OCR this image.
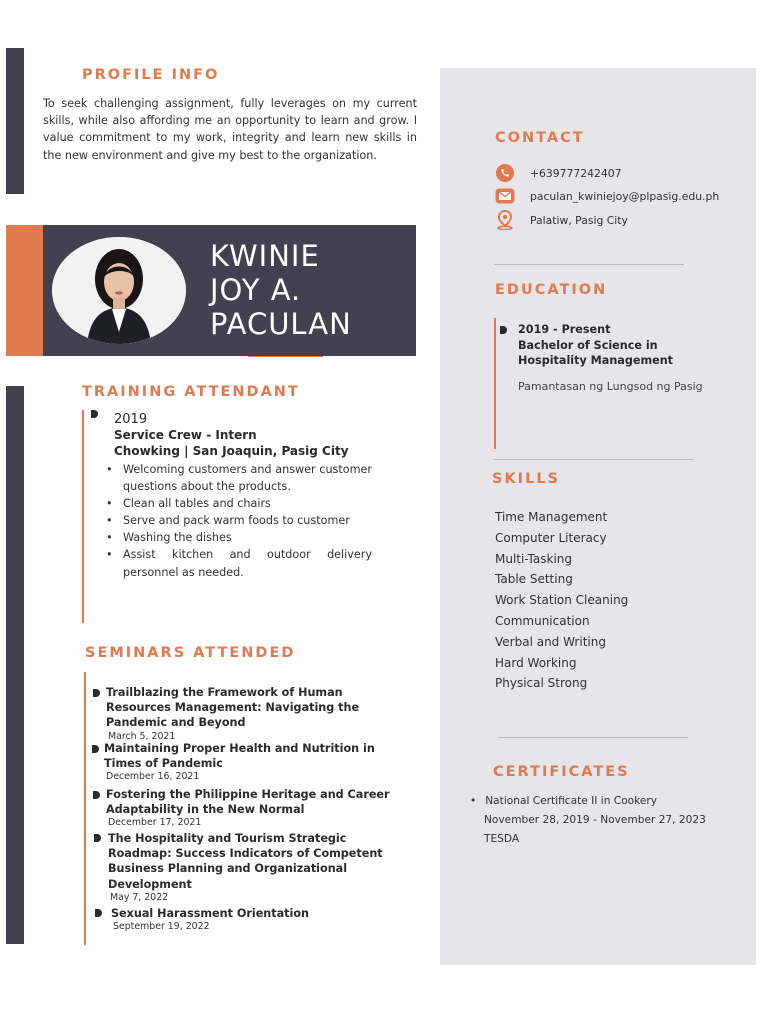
PROFILE INFO
To seek challenging assignment, fully leverages on my current skills, while also affording me an opportunity to learn and grow. I value commitment to my work, integrity and learn new skills in the new environment and give my best to the organization.
KWINIE
JOY A.
PACULAN
TRAINING ATTENDANT
2019
Service Crew - Intern
Chowking | San Joaquin, Pasig City
• Welcoming customers and answer customer questions about the products.
• Clean all tables and chairs
• Serve and pack warm foods to customer
• Washing the dishes
• Assist kitchen and outdoor delivery personnel as needed.
SEMINARS ATTENDED
Trailblazing the Framework of Human Resources Management: Navigating the Pandemic and Beyond
March 5, 2021
Maintaining Proper Health and Nutrition in Times of Pandemic
December 16, 2021
Fostering the Philippine Heritage and Career Adaptability in the New Normal
December 17, 2021
The Hospitality and Tourism Strategic Roadmap: Success Indicators of Competent Business Planning and Organizational Development
May 7, 2022
Sexual Harassment Orientation
September 19, 2022
CONTACT
+639777242407
paculan_kwiniejoy@plpasig.edu.ph
Palatiw, Pasig City
EDUCATION
2019 - Present
Bachelor of Science in Hospitality Management
Pamantasan ng Lungsod ng Pasig
SKILLS
Time Management
Computer Literacy
Multi-Tasking
Table Setting
Work Station Cleaning
Communication
Verbal and Writing
Hard Working
Physical Strong
CERTIFICATES
• National Certificate II in Cookery
November 28, 2019 - November 27, 2023
TESDA
